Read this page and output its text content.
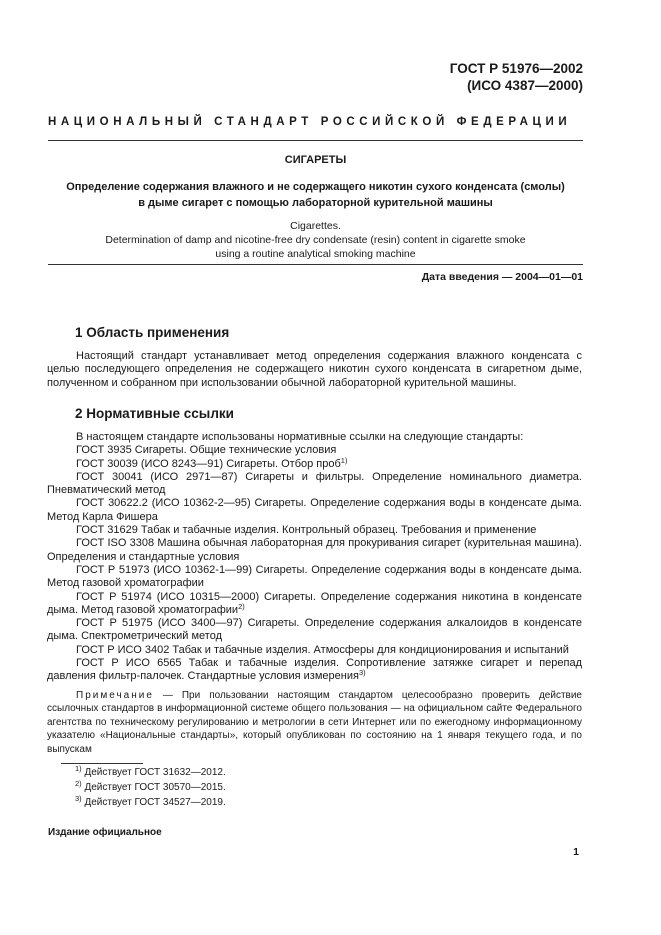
ГОСТ Р 51976—2002
(ИСО 4387—2000)
НАЦИОНАЛЬНЫЙ СТАНДАРТ РОССИЙСКОЙ ФЕДЕРАЦИИ
СИГАРЕТЫ
Определение содержания влажного и не содержащего никотин сухого конденсата (смолы)
в дыме сигарет с помощью лабораторной курительной машины
Cigarettes.
Determination of damp and nicotine-free dry condensate (resin) content in cigarette smoke
using a routine analytical smoking machine
Дата введения — 2004—01—01
1 Область применения

Настоящий стандарт устанавливает метод определения содержания влажного конденсата с целью последующего определения не содержащего никотин сухого конденсата в сигаретном дыме, полученном и собранном при использовании обычной лабораторной курительной машины.

2 Нормативные ссылки

В настоящем стандарте использованы нормативные ссылки на следующие стандарты:

ГОСТ 3935 Сигареты. Общие технические условия

ГОСТ 30039 (ИСО 8243—91) Сигареты. Отбор проб$^{1)}$

ГОСТ 30041 (ИСО 2971—87) Сигареты и фильтры. Определение номинального диаметра. Пневматический метод

ГОСТ 30622.2 (ИСО 10362-2—95) Сигареты. Определение содержания воды в конденсате дыма. Метод Карла Фишера

ГОСТ 31629 Табак и табачные изделия. Контрольный образец. Требования и применение

ГОСТ ISO 3308 Машина обычная лабораторная для прокуривания сигарет (курительная машина). Определения и стандартные условия

ГОСТ Р 51973 (ИСО 10362-1—99) Сигареты. Определение содержания воды в конденсате дыма. Метод газовой хроматографии

ГОСТ Р 51974 (ИСО 10315—2000) Сигареты. Определение содержания никотина в конденсате дыма. Метод газовой хроматографии$^{2)}$

ГОСТ Р 51975 (ИСО 3400—97) Сигареты. Определение содержания алкалоидов в конденсате дыма. Спектрометрический метод

ГОСТ Р ИСО 3402 Табак и табачные изделия. Атмосферы для кондиционирования и испытаний

ГОСТ Р ИСО 6565 Табак и табачные изделия. Сопротивление затяжке сигарет и перепад давления фильтр-палочек. Стандартные условия измерения$^{3)}$

Примечание — При пользовании настоящим стандартом целесообразно проверить действие ссылочных стандартов в информационной системе общего пользования — на официальном сайте Федерального агентства по техническому регулированию и метрологии в сети Интернет или по ежегодному информационному указателю «Национальные стандарты», который опубликован по состоянию на 1 января текущего года, и по выпускам
$^{1)}$ Действует ГОСТ 31632—2012.
$^{2)}$ Действует ГОСТ 30570—2015.
$^{3)}$ Действует ГОСТ 34527—2019.
Издание официальное
1
